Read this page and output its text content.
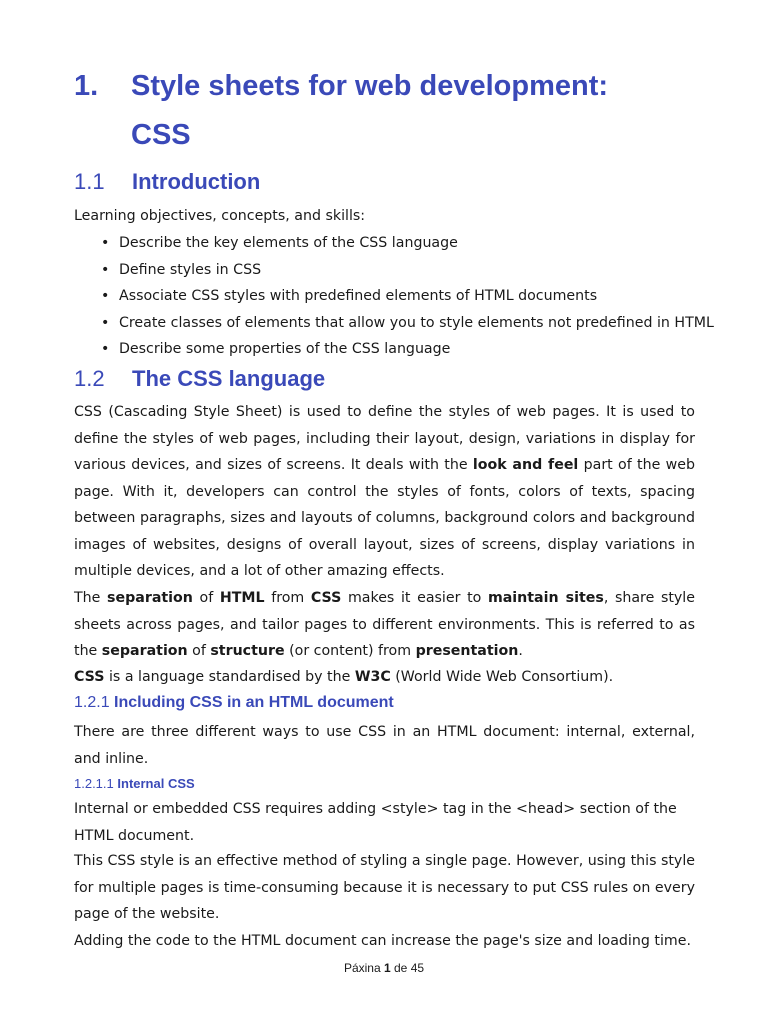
1. Style sheets for web development:
CSS
1.1 Introduction

Learning objectives, concepts, and skills:

• Describe the key elements of the CSS language
• Define styles in CSS
• Associate CSS styles with predefined elements of HTML documents
• Create classes of elements that allow you to style elements not predefined in HTML
• Describe some properties of the CSS language
1.2 The CSS language

CSS (Cascading Style Sheet) is used to define the styles of web pages. It is used to define the styles of web pages, including their layout, design, variations in display for various devices, and sizes of screens. It deals with the look and feel part of the web page. With it, developers can control the styles of fonts, colors of texts, spacing between paragraphs, sizes and layouts of columns, background colors and background images of websites, designs of overall layout, sizes of screens, display variations in multiple devices, and a lot of other amazing effects.

The separation of HTML from CSS makes it easier to maintain sites, share style sheets across pages, and tailor pages to different environments. This is referred to as the separation of structure (or content) from presentation.

CSS is a language standardised by the W3C (World Wide Web Consortium).

1.2.1 Including CSS in an HTML document

There are three different ways to use CSS in an HTML document: internal, external, and inline.

1.2.1.1 Internal CSS

Internal or embedded CSS requires adding <style> tag in the <head> section of the HTML document.

This CSS style is an effective method of styling a single page. However, using this style for multiple pages is time-consuming because it is necessary to put CSS rules on every page of the website.

Adding the code to the HTML document can increase the page's size and loading time.

Páxina 1 de 45
